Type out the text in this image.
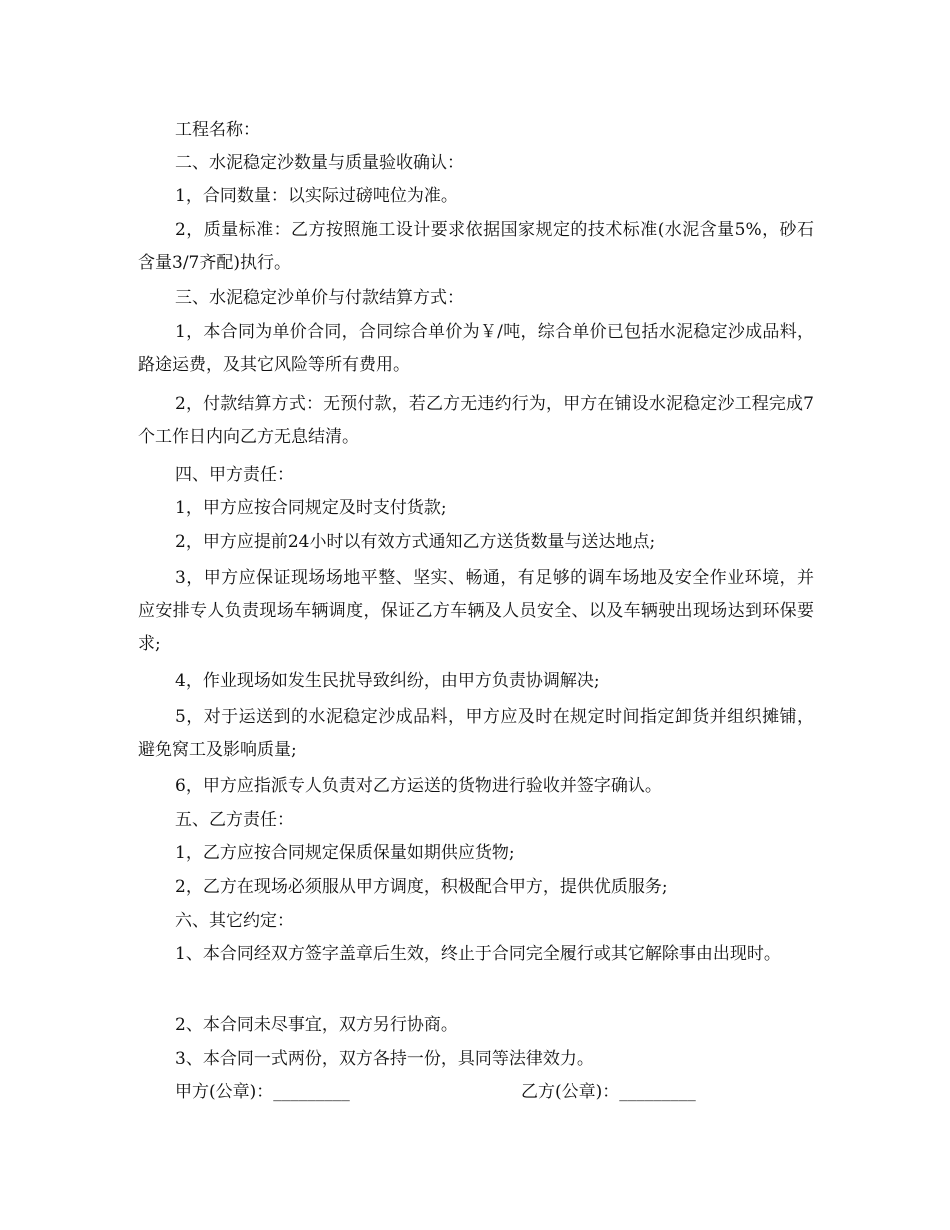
工程名称：

二、水泥稳定沙数量与质量验收确认：

1，合同数量：以实际过磅吨位为准。

2，质量标准：乙方按照施工设计要求依据国家规定的技术标准(水泥含量5%，砂石含量3/7齐配)执行。

三、水泥稳定沙单价与付款结算方式：

1，本合同为单价合同，合同综合单价为￥/吨，综合单价已包括水泥稳定沙成品料，路途运费，及其它风险等所有费用。

2，付款结算方式：无预付款，若乙方无违约行为，甲方在铺设水泥稳定沙工程完成7个工作日内向乙方无息结清。

四、甲方责任：

1，甲方应按合同规定及时支付货款;

2，甲方应提前24小时以有效方式通知乙方送货数量与送达地点;

3，甲方应保证现场场地平整、坚实、畅通，有足够的调车场地及安全作业环境，并应安排专人负责现场车辆调度，保证乙方车辆及人员安全、以及车辆驶出现场达到环保要求;

4，作业现场如发生民扰导致纠纷，由甲方负责协调解决;

5，对于运送到的水泥稳定沙成品料，甲方应及时在规定时间指定卸货并组织摊铺，避免窝工及影响质量;

6，甲方应指派专人负责对乙方运送的货物进行验收并签字确认。

五、乙方责任：

1，乙方应按合同规定保质保量如期供应货物;

2，乙方在现场必须服从甲方调度，积极配合甲方，提供优质服务;

六、其它约定：

1、本合同经双方签字盖章后生效，终止于合同完全履行或其它解除事由出现时。

2、本合同未尽事宜，双方另行协商。

3、本合同一式两份，双方各持一份，具同等法律效力。

甲方(公章)：_________	乙方(公章)：_________
